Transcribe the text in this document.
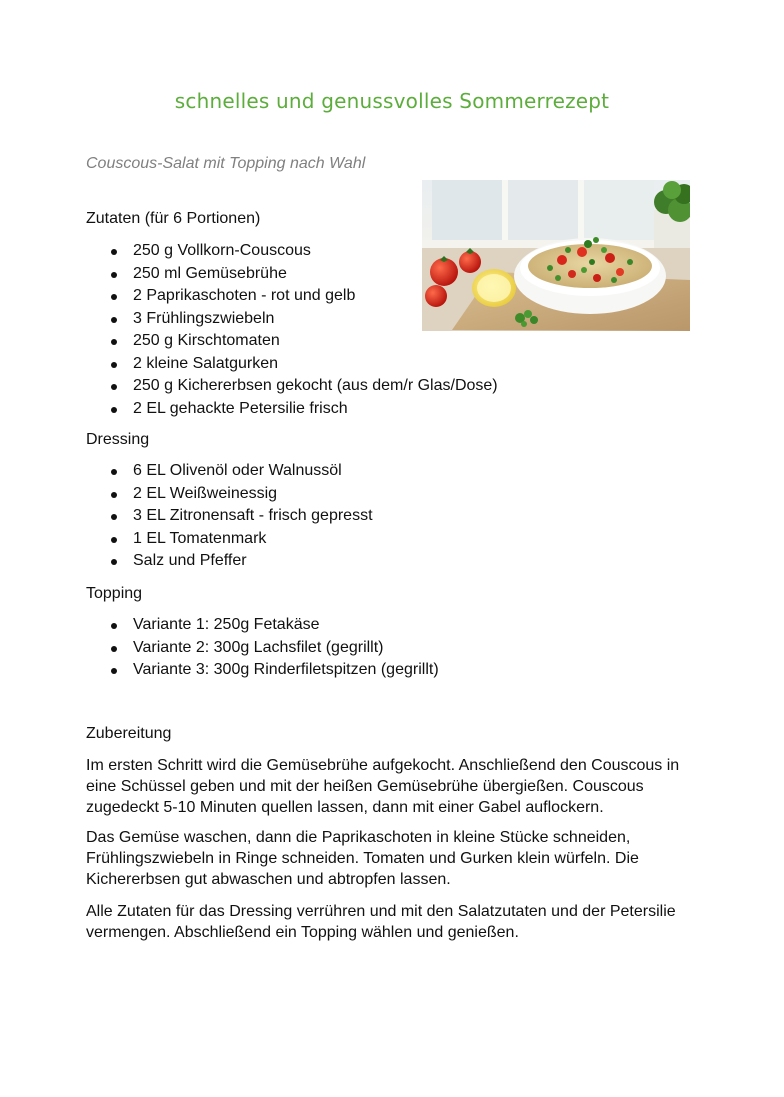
schnelles und genussvolles Sommerrezept
Couscous-Salat mit Topping nach Wahl
Zutaten (für 6 Portionen)
250 g Vollkorn-Couscous
250 ml Gemüsebrühe
2 Paprikaschoten - rot und gelb
3 Frühlingszwiebeln
250 g Kirschtomaten
2 kleine Salatgurken
250 g Kichererbsen gekocht (aus dem/r Glas/Dose)
2 EL gehackte Petersilie frisch
Dressing
6 EL Olivenöl oder Walnussöl
2 EL Weißweinessig
3 EL Zitronensaft - frisch gepresst
1 EL Tomatenmark
Salz und Pfeffer
Topping
Variante 1: 250g Fetakäse
Variante 2: 300g Lachsfilet (gegrillt)
Variante 3: 300g Rinderfiletspitzen (gegrillt)
Zubereitung

Im ersten Schritt wird die Gemüsebrühe aufgekocht. Anschließend den Couscous in eine Schüssel geben und mit der heißen Gemüsebrühe übergießen. Couscous zugedeckt 5-10 Minuten quellen lassen, dann mit einer Gabel auflockern.

Das Gemüse waschen, dann die Paprikaschoten in kleine Stücke schneiden, Frühlingszwiebeln in Ringe schneiden. Tomaten und Gurken klein würfeln. Die Kichererbsen gut abwaschen und abtropfen lassen.

Alle Zutaten für das Dressing verrühren und mit den Salatzutaten und der Petersilie vermengen. Abschließend ein Topping wählen und genießen.
